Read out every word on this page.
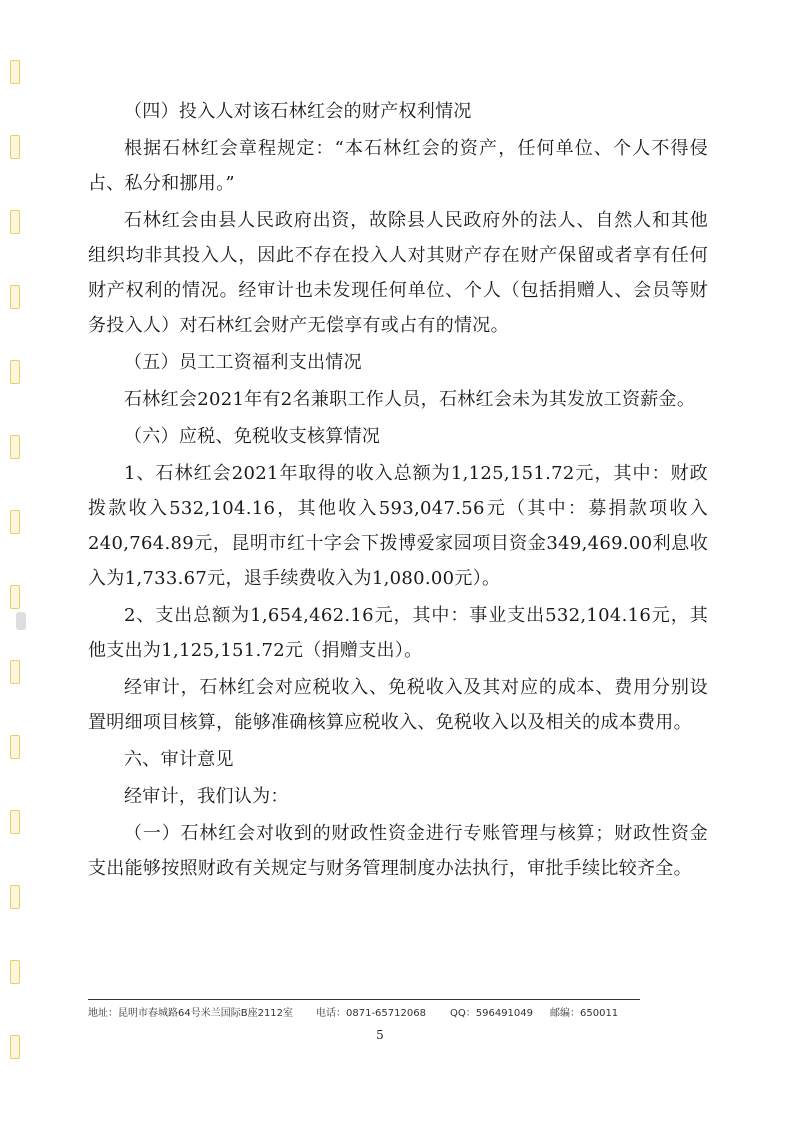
（四）投入人对该石林红会的财产权利情况

根据石林红会章程规定：“本石林红会的资产，任何单位、个人不得侵占、私分和挪用。”

石林红会由县人民政府出资，故除县人民政府外的法人、自然人和其他组织均非其投入人，因此不存在投入人对其财产存在财产保留或者享有任何财产权利的情况。经审计也未发现任何单位、个人（包括捐赠人、会员等财务投入人）对石林红会财产无偿享有或占有的情况。

（五）员工工资福利支出情况

石林红会2021年有2名兼职工作人员，石林红会未为其发放工资薪金。

（六）应税、免税收支核算情况

1、石林红会2021年取得的收入总额为1,125,151.72元，其中：财政拨款收入532,104.16，其他收入593,047.56元（其中：募捐款项收入240,764.89元，昆明市红十字会下拨博爱家园项目资金349,469.00利息收入为1,733.67元，退手续费收入为1,080.00元）。

2、支出总额为1,654,462.16元，其中：事业支出532,104.16元，其他支出为1,125,151.72元（捐赠支出）。

经审计，石林红会对应税收入、免税收入及其对应的成本、费用分别设置明细项目核算，能够准确核算应税收入、免税收入以及相关的成本费用。

六、审计意见

经审计，我们认为：

（一）石林红会对收到的财政性资金进行专账管理与核算；财政性资金支出能够按照财政有关规定与财务管理制度办法执行，审批手续比较齐全。

地址：昆明市春城路64号米兰国际B座2112室 电话：0871-65712068 QQ：596491049 邮编：650011
5
